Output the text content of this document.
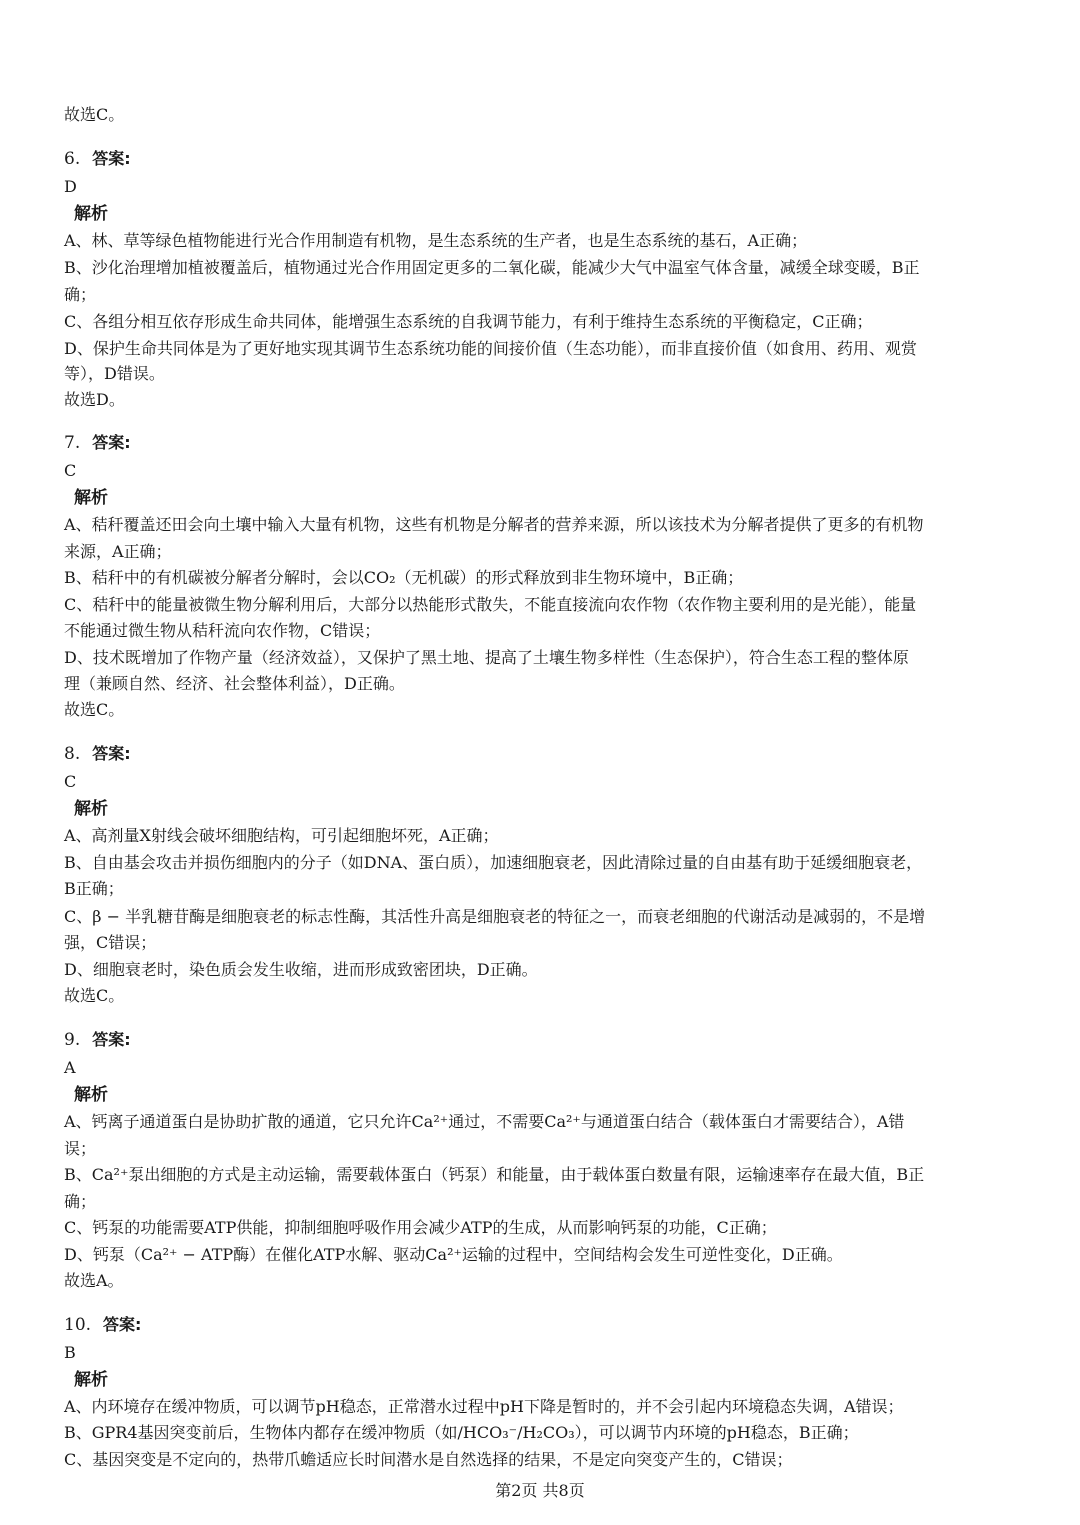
故选C。
6. 答案:
D
解析
A、林、草等绿色植物能进行光合作用制造有机物，是生态系统的生产者，也是生态系统的基石，A正确；
B、沙化治理增加植被覆盖后，植物通过光合作用固定更多的二氧化碳，能减少大气中温室气体含量，减缓全球变暖，B正
确；
C、各组分相互依存形成生命共同体，能增强生态系统的自我调节能力，有利于维持生态系统的平衡稳定，C正确；
D、保护生命共同体是为了更好地实现其调节生态系统功能的间接价值（生态功能），而非直接价值（如食用、药用、观赏
等），D错误。
故选D。
7. 答案:
C
解析
A、秸秆覆盖还田会向土壤中输入大量有机物，这些有机物是分解者的营养来源，所以该技术为分解者提供了更多的有机物
来源，A正确；
B、秸秆中的有机碳被分解者分解时，会以CO₂（无机碳）的形式释放到非生物环境中，B正确；
C、秸秆中的能量被微生物分解利用后，大部分以热能形式散失，不能直接流向农作物（农作物主要利用的是光能），能量
不能通过微生物从秸秆流向农作物，C错误；
D、技术既增加了作物产量（经济效益），又保护了黑土地、提高了土壤生物多样性（生态保护），符合生态工程的整体原
理（兼顾自然、经济、社会整体利益），D正确。
故选C。
8. 答案:
C
解析
A、高剂量X射线会破坏细胞结构，可引起细胞坏死，A正确；
B、自由基会攻击并损伤细胞内的分子（如DNA、蛋白质），加速细胞衰老，因此清除过量的自由基有助于延缓细胞衰老，
B正确；
C、β − 半乳糖苷酶是细胞衰老的标志性酶，其活性升高是细胞衰老的特征之一，而衰老细胞的代谢活动是减弱的，不是增
强，C错误；
D、细胞衰老时，染色质会发生收缩，进而形成致密团块，D正确。
故选C。
9. 答案:
A
解析
A、钙离子通道蛋白是协助扩散的通道，它只允许Ca²⁺通过，不需要Ca²⁺与通道蛋白结合（载体蛋白才需要结合），A错
误；
B、Ca²⁺泵出细胞的方式是主动运输，需要载体蛋白（钙泵）和能量，由于载体蛋白数量有限，运输速率存在最大值，B正
确；
C、钙泵的功能需要ATP供能，抑制细胞呼吸作用会减少ATP的生成，从而影响钙泵的功能，C正确；
D、钙泵（Ca²⁺ − ATP酶）在催化ATP水解、驱动Ca²⁺运输的过程中，空间结构会发生可逆性变化，D正确。
故选A。
10. 答案:
B
解析
A、内环境存在缓冲物质，可以调节pH稳态，正常潜水过程中pH下降是暂时的，并不会引起内环境稳态失调，A错误；
B、GPR4基因突变前后，生物体内都存在缓冲物质（如/HCO₃⁻/H₂CO₃），可以调节内环境的pH稳态，B正确；
C、基因突变是不定向的，热带爪蟾适应长时间潜水是自然选择的结果，不是定向突变产生的，C错误；
第2页 共8页
